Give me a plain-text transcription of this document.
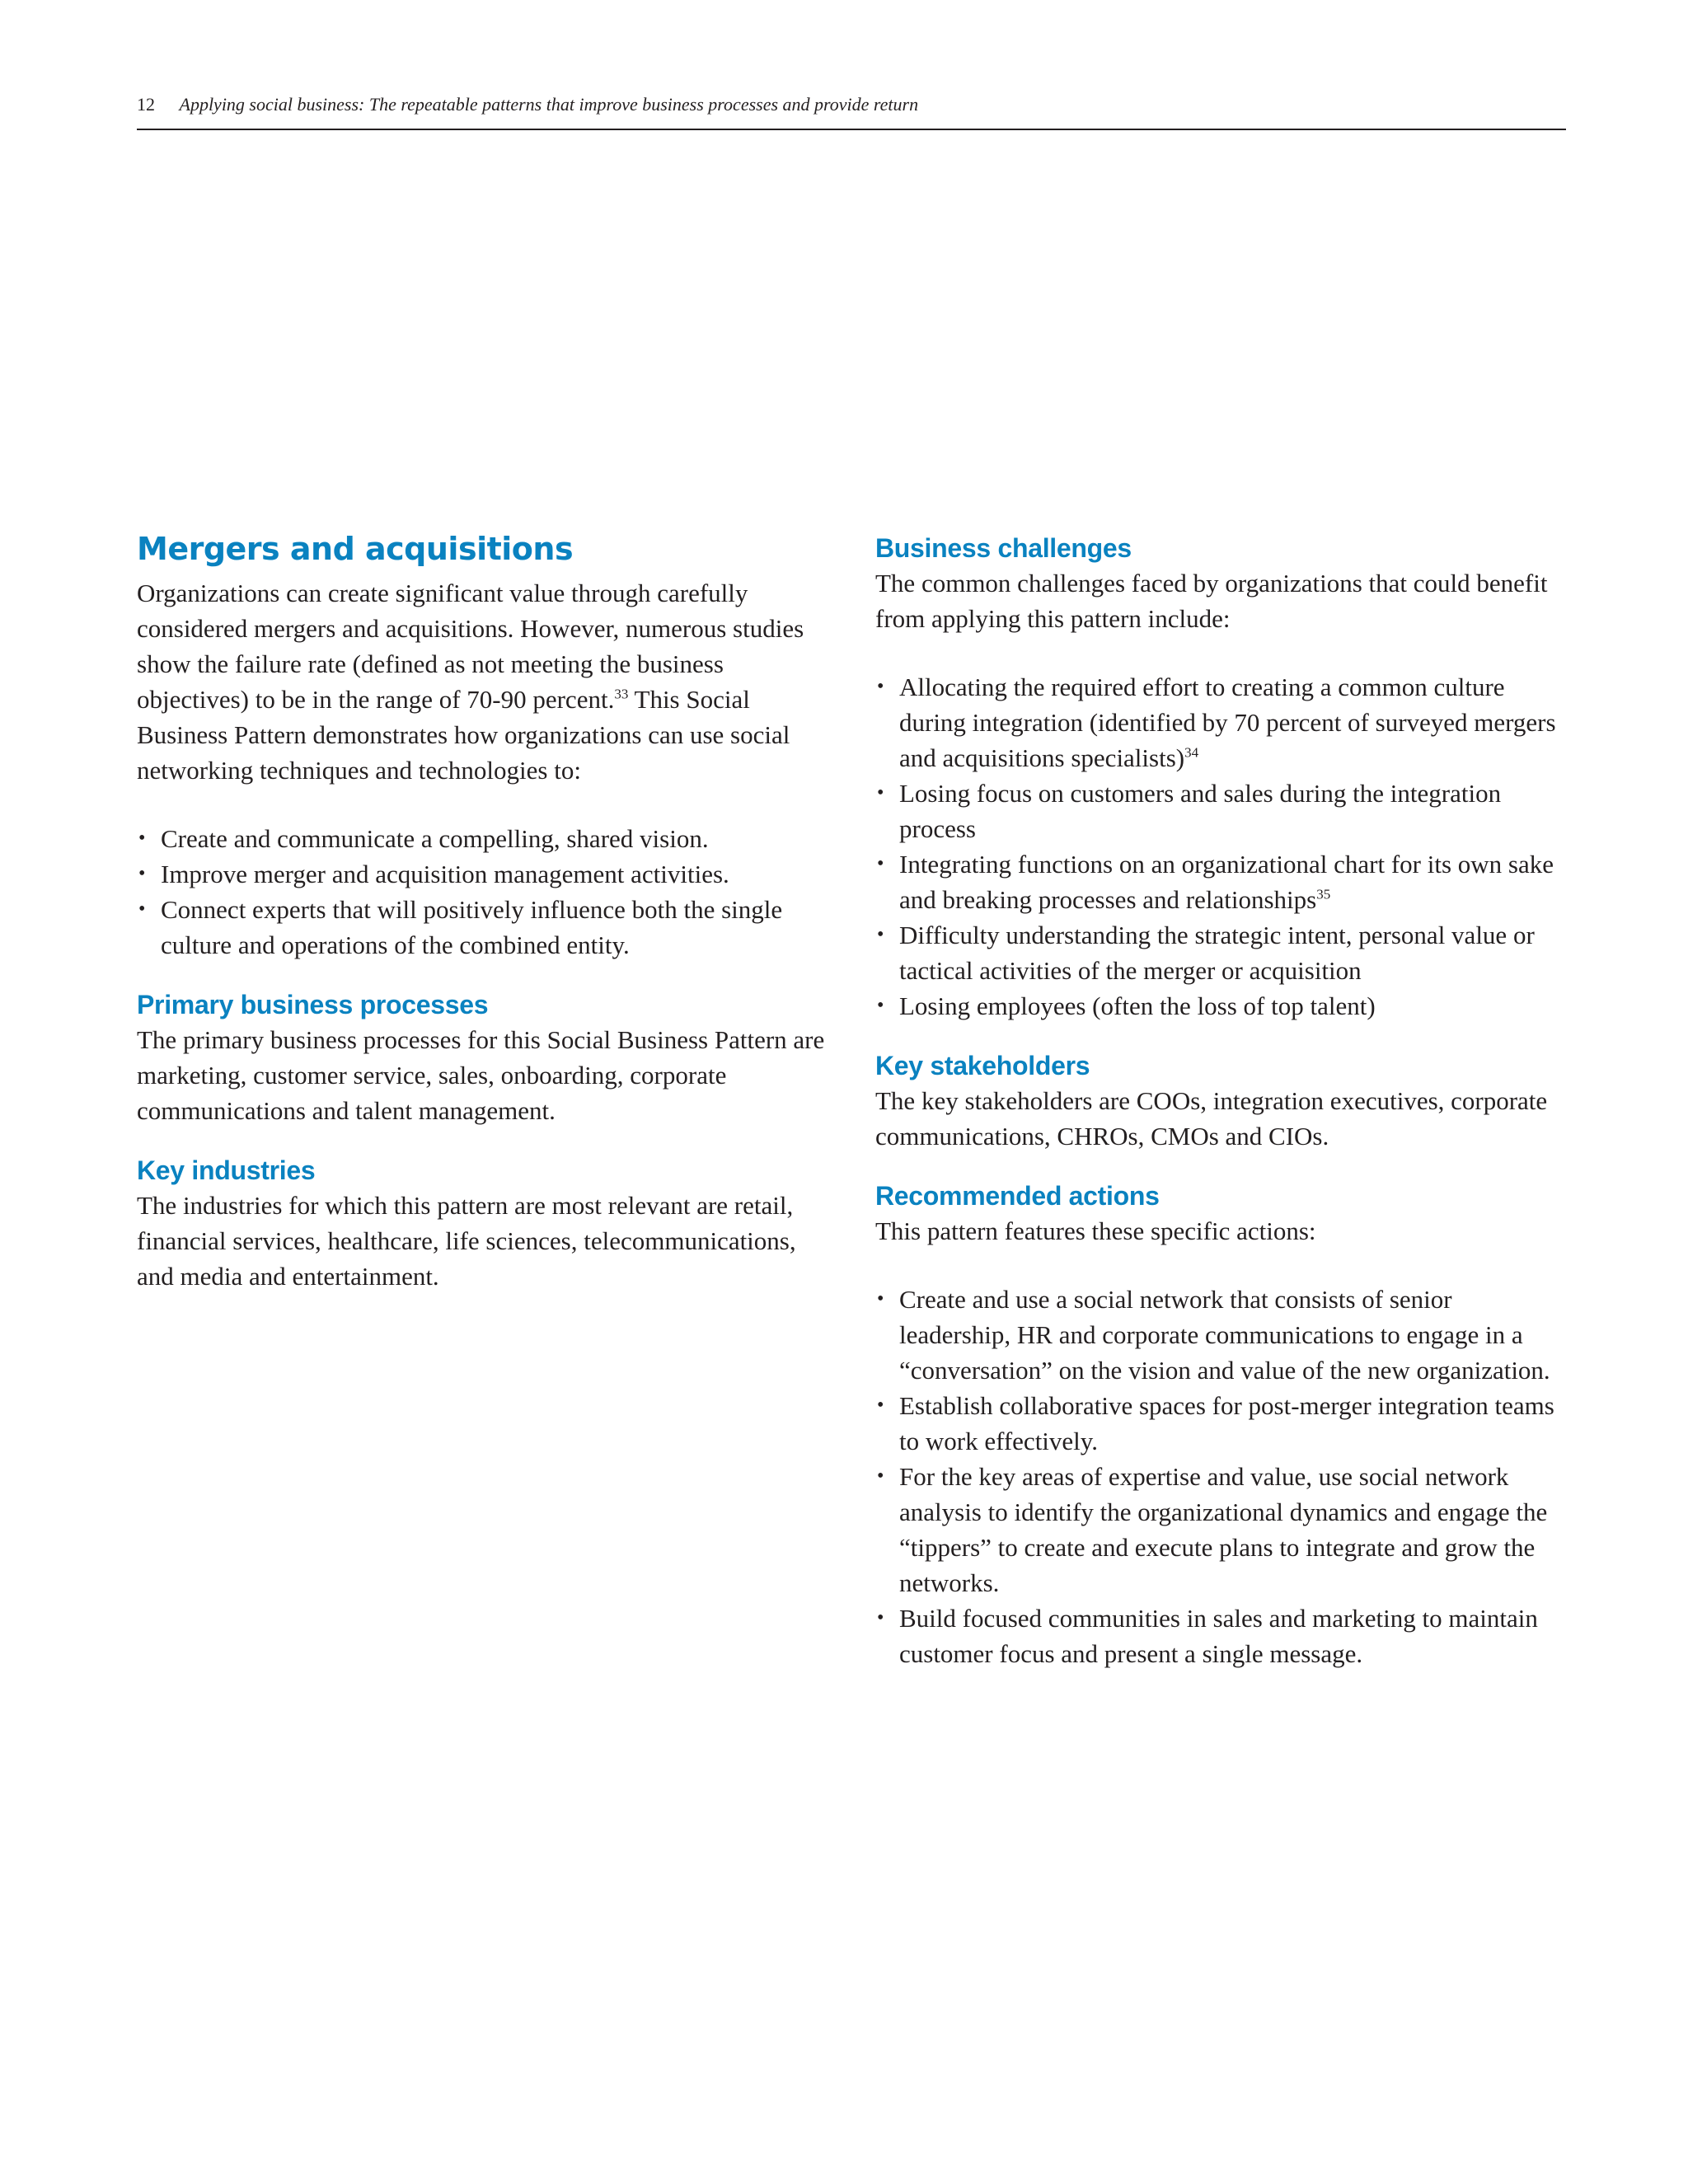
12 Applying social business: The repeatable patterns that improve business processes and provide return
Mergers and acquisitions

Organizations can create significant value through carefully considered mergers and acquisitions. However, numerous studies show the failure rate (defined as not meeting the business objectives) to be in the range of 70-90 percent.$^{33}$ This Social Business Pattern demonstrates how organizations can use social networking techniques and technologies to:

• Create and communicate a compelling, shared vision.
• Improve merger and acquisition management activities.
• Connect experts that will positively influence both the single culture and operations of the combined entity.
Primary business processes

The primary business processes for this Social Business Pattern are marketing, customer service, sales, onboarding, corporate communications and talent management.

Key industries

The industries for which this pattern are most relevant are retail, financial services, healthcare, life sciences, telecommunications, and media and entertainment.

Business challenges

The common challenges faced by organizations that could benefit from applying this pattern include:

• Allocating the required effort to creating a common culture during integration (identified by 70 percent of surveyed mergers and acquisitions specialists)$^{34}$
• Losing focus on customers and sales during the integration process
• Integrating functions on an organizational chart for its own sake and breaking processes and relationships$^{35}$
• Difficulty understanding the strategic intent, personal value or tactical activities of the merger or acquisition
• Losing employees (often the loss of top talent)
Key stakeholders

The key stakeholders are COOs, integration executives, corporate communications, CHROs, CMOs and CIOs.

Recommended actions

This pattern features these specific actions:

• Create and use a social network that consists of senior leadership, HR and corporate communications to engage in a “conversation” on the vision and value of the new organization.
• Establish collaborative spaces for post-merger integration teams to work effectively.
• For the key areas of expertise and value, use social network analysis to identify the organizational dynamics and engage the “tippers” to create and execute plans to integrate and grow the networks.
• Build focused communities in sales and marketing to maintain customer focus and present a single message.
